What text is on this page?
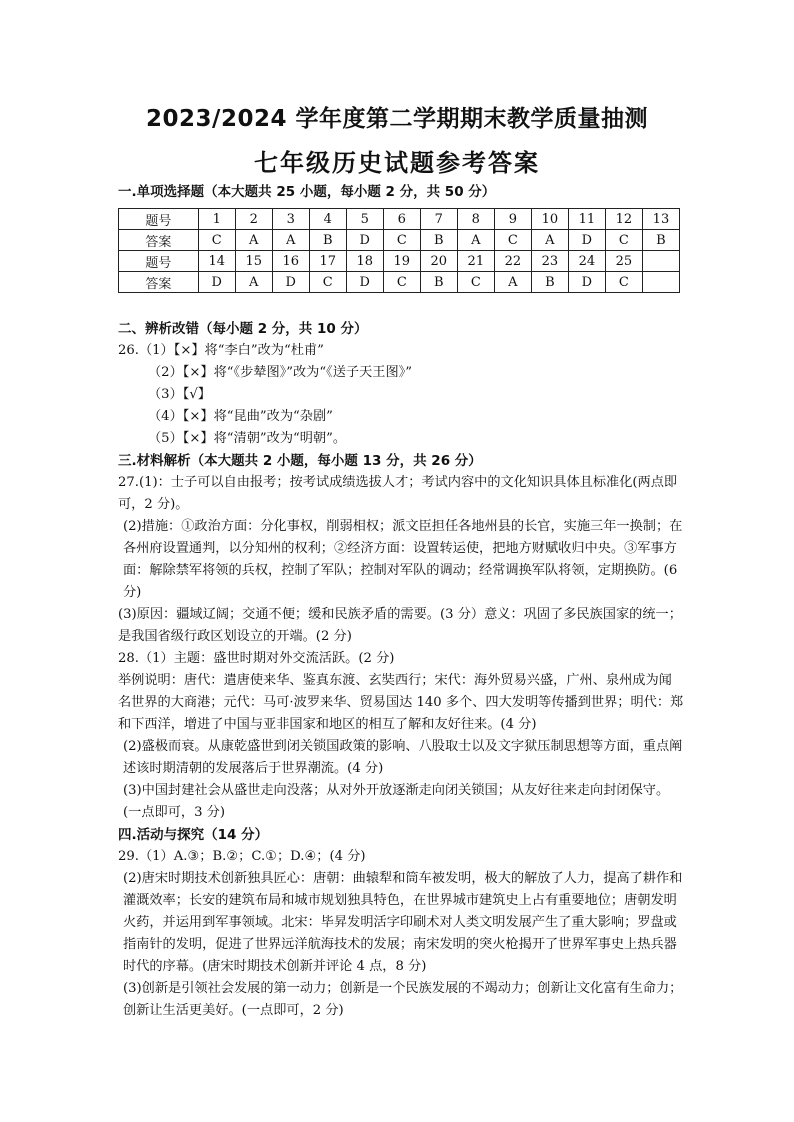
2023/2024 学年度第二学期期末教学质量抽测
七年级历史试题参考答案
一.单项选择题（本大题共 25 小题，每小题 2 分，共 50 分）
题号	1	2	3	4	5	6	7	8	9	10	11	12	13
答案	C	A	A	B	D	C	B	A	C	A	D	C	B
题号	14	15	16	17	18	19	20	21	22	23	24	25	
答案	D	A	D	C	D	C	B	C	A	B	D	C	

二、辨析改错（每小题 2 分，共 10 分）

26.（1）【×】将“李白”改为“杜甫”

（2）【×】将“《步辇图》”改为“《送子天王图》”

（3）【√】

（4）【×】将“昆曲”改为“杂剧”

（5）【×】将“清朝”改为“明朝”。

三.材料解析（本大题共 2 小题，每小题 13 分，共 26 分）

27.(1)：士子可以自由报考；按考试成绩选拔人才；考试内容中的文化知识具体且标准化(两点即可，2 分)。

(2)措施：①政治方面：分化事权，削弱相权；派文臣担任各地州县的长官，实施三年一换制；在各州府设置通判，以分知州的权利；②经济方面：设置转运使，把地方财赋收归中央。③军事方面：解除禁军将领的兵权，控制了军队；控制对军队的调动；经常调换军队将领，定期换防。(6 分)

(3)原因：疆域辽阔；交通不便；缓和民族矛盾的需要。(3 分）意义：巩固了多民族国家的统一；是我国省级行政区划设立的开端。(2 分)

28.（1）主题：盛世时期对外交流活跃。(2 分)

举例说明：唐代：遣唐使来华、鉴真东渡、玄奘西行；宋代：海外贸易兴盛，广州、泉州成为闻名世界的大商港；元代：马可·波罗来华、贸易国达 140 多个、四大发明等传播到世界；明代：郑和下西洋，增进了中国与亚非国家和地区的相互了解和友好往来。(4 分)

(2)盛极而衰。从康乾盛世到闭关锁国政策的影响、八股取士以及文字狱压制思想等方面，重点阐述该时期清朝的发展落后于世界潮流。(4 分)

(3)中国封建社会从盛世走向没落；从对外开放逐渐走向闭关锁国；从友好往来走向封闭保守。(一点即可，3 分)

四.活动与探究（14 分）

29.（1）A.③；B.②；C.①；D.④；(4 分)

(2)唐宋时期技术创新独具匠心：唐朝：曲辕犁和筒车被发明，极大的解放了人力，提高了耕作和灌溉效率；长安的建筑布局和城市规划独具特色，在世界城市建筑史上占有重要地位；唐朝发明火药，并运用到军事领域。北宋：毕昇发明活字印刷术对人类文明发展产生了重大影响；罗盘或指南针的发明，促进了世界远洋航海技术的发展；南宋发明的突火枪揭开了世界军事史上热兵器时代的序幕。(唐宋时期技术创新并评论 4 点，8 分)

(3)创新是引领社会发展的第一动力；创新是一个民族发展的不竭动力；创新让文化富有生命力；创新让生活更美好。(一点即可，2 分)
